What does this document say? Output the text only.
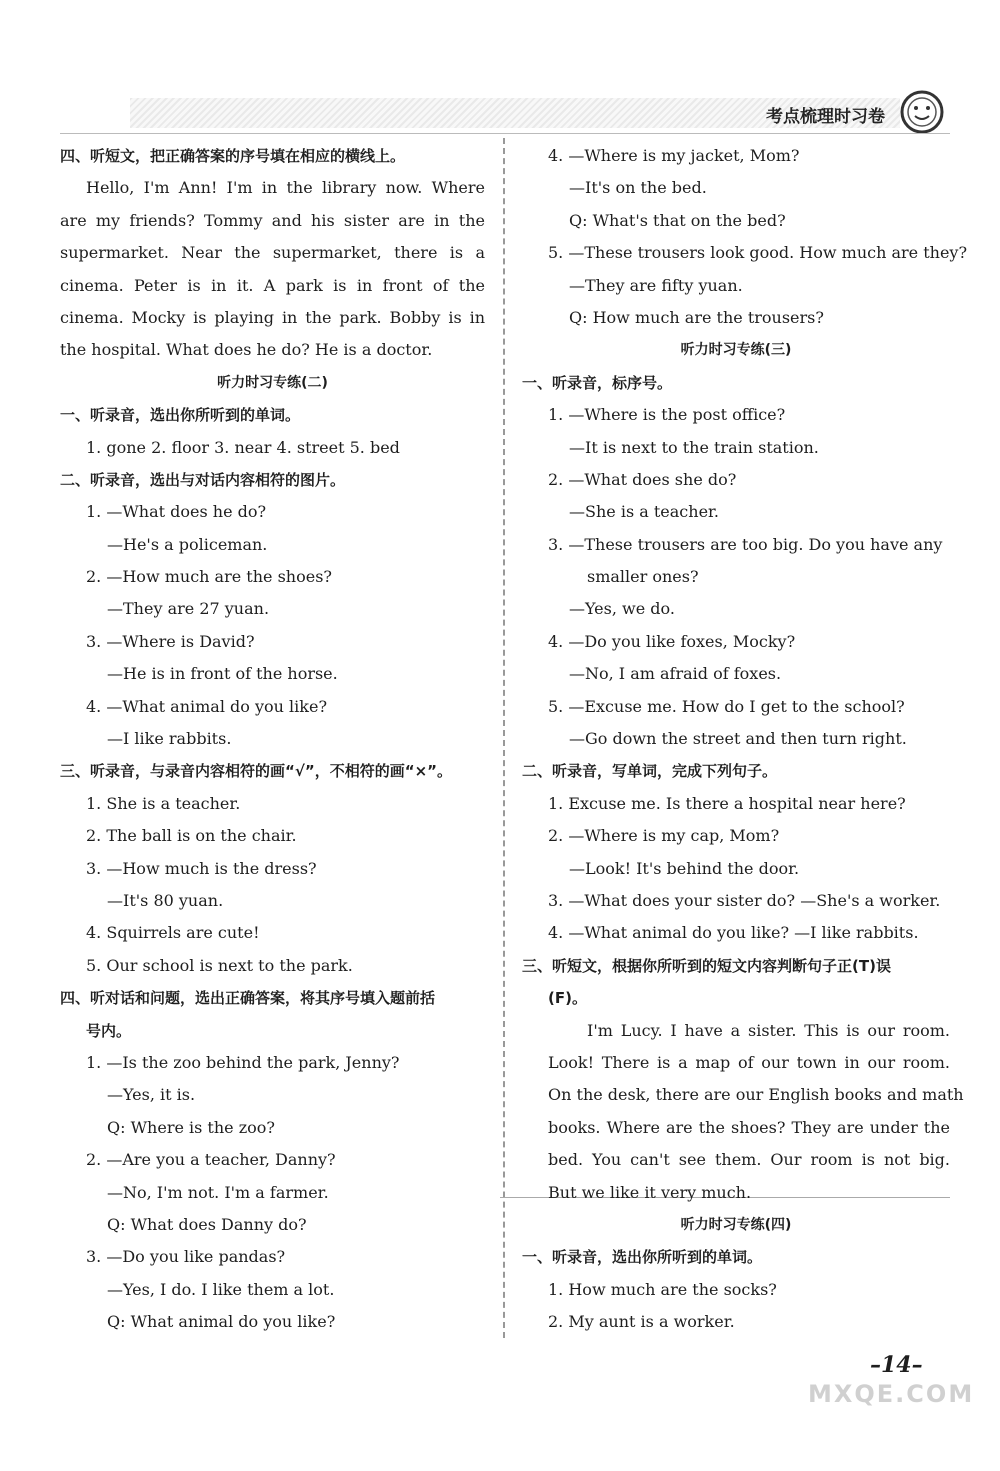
考点梳理时习卷
四、听短文，把正确答案的序号填在相应的横线上。
Hello, I'm Ann! I'm in the library now. Where
are my friends? Tommy and his sister are in the
supermarket. Near the supermarket, there is a
cinema. Peter is in it. A park is in front of the
cinema. Mocky is playing in the park. Bobby is in
the hospital. What does he do? He is a doctor.
听力时习专练(二)
一、听录音，选出你所听到的单词。
1. gone 2. floor 3. near 4. street 5. bed
二、听录音，选出与对话内容相符的图片。
1. —What does he do?
—He's a policeman.
2. —How much are the shoes?
—They are 27 yuan.
3. —Where is David?
—He is in front of the horse.
4. —What animal do you like?
—I like rabbits.
三、听录音，与录音内容相符的画“√”，不相符的画“×”。
1. She is a teacher.
2. The ball is on the chair.
3. —How much is the dress?
—It's 80 yuan.
4. Squirrels are cute!
5. Our school is next to the park.
四、听对话和问题，选出正确答案，将其序号填入题前括
号内。
1. —Is the zoo behind the park, Jenny?
—Yes, it is.
Q: Where is the zoo?
2. —Are you a teacher, Danny?
—No, I'm not. I'm a farmer.
Q: What does Danny do?
3. —Do you like pandas?
—Yes, I do. I like them a lot.
Q: What animal do you like?
4. —Where is my jacket, Mom?
—It's on the bed.
Q: What's that on the bed?
5. —These trousers look good. How much are they?
—They are fifty yuan.
Q: How much are the trousers?
听力时习专练(三)
一、听录音，标序号。
1. —Where is the post office?
—It is next to the train station.
2. —What does she do?
—She is a teacher.
3. —These trousers are too big. Do you have any
smaller ones?
—Yes, we do.
4. —Do you like foxes, Mocky?
—No, I am afraid of foxes.
5. —Excuse me. How do I get to the school?
—Go down the street and then turn right.
二、听录音，写单词，完成下列句子。
1. Excuse me. Is there a hospital near here?
2. —Where is my cap, Mom?
—Look! It's behind the door.
3. —What does your sister do? —She's a worker.
4. —What animal do you like? —I like rabbits.
三、听短文，根据你所听到的短文内容判断句子正(T)误
(F)。
I'm Lucy. I have a sister. This is our room.
Look! There is a map of our town in our room.
On the desk, there are our English books and math
books. Where are the shoes? They are under the
bed. You can't see them. Our room is not big.
But we like it very much.
听力时习专练(四)
一、听录音，选出你所听到的单词。
1. How much are the socks?
2. My aunt is a worker.
–14–
MXQE.COM
